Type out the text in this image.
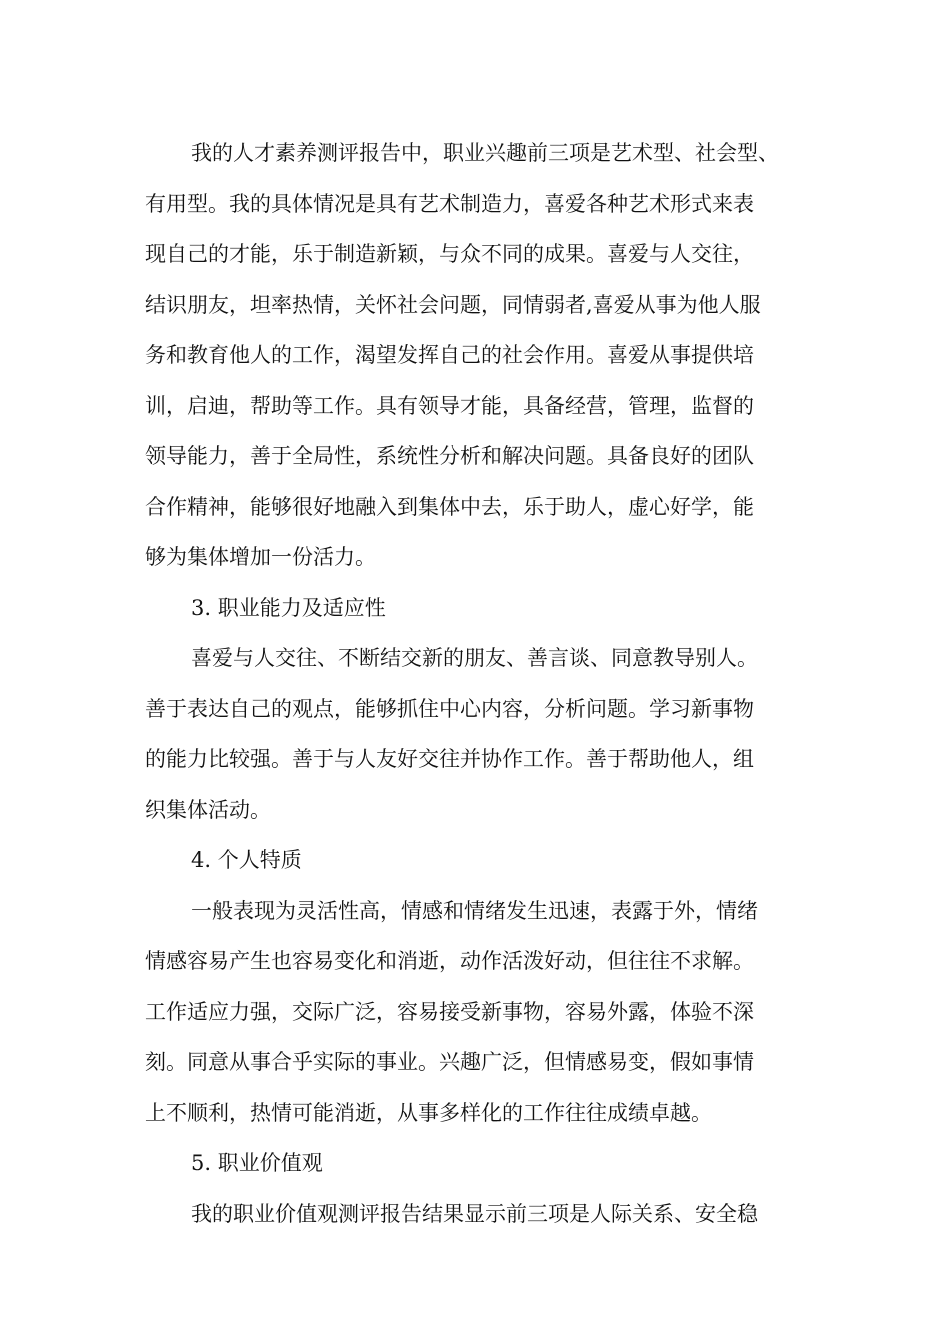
我的人才素养测评报告中，职业兴趣前三项是艺术型、社会型、
有用型。我的具体情况是具有艺术制造力，喜爱各种艺术形式来表
现自己的才能，乐于制造新颖，与众不同的成果。喜爱与人交往，
结识朋友，坦率热情，关怀社会问题，同情弱者,喜爱从事为他人服
务和教育他人的工作，渴望发挥自己的社会作用。喜爱从事提供培
训，启迪，帮助等工作。具有领导才能，具备经营，管理，监督的
领导能力，善于全局性，系统性分析和解决问题。具备良好的团队
合作精神，能够很好地融入到集体中去，乐于助人，虚心好学，能
够为集体增加一份活力。
3. 职业能力及适应性
喜爱与人交往、不断结交新的朋友、善言谈、同意教导别人。
善于表达自己的观点，能够抓住中心内容，分析问题。学习新事物
的能力比较强。善于与人友好交往并协作工作。善于帮助他人，组
织集体活动。
4. 个人特质
一般表现为灵活性高，情感和情绪发生迅速，表露于外，情绪
情感容易产生也容易变化和消逝，动作活泼好动，但往往不求解。
工作适应力强，交际广泛，容易接受新事物，容易外露，体验不深
刻。同意从事合乎实际的事业。兴趣广泛，但情感易变，假如事情
上不顺利，热情可能消逝，从事多样化的工作往往成绩卓越。
5. 职业价值观
我的职业价值观测评报告结果显示前三项是人际关系、安全稳
